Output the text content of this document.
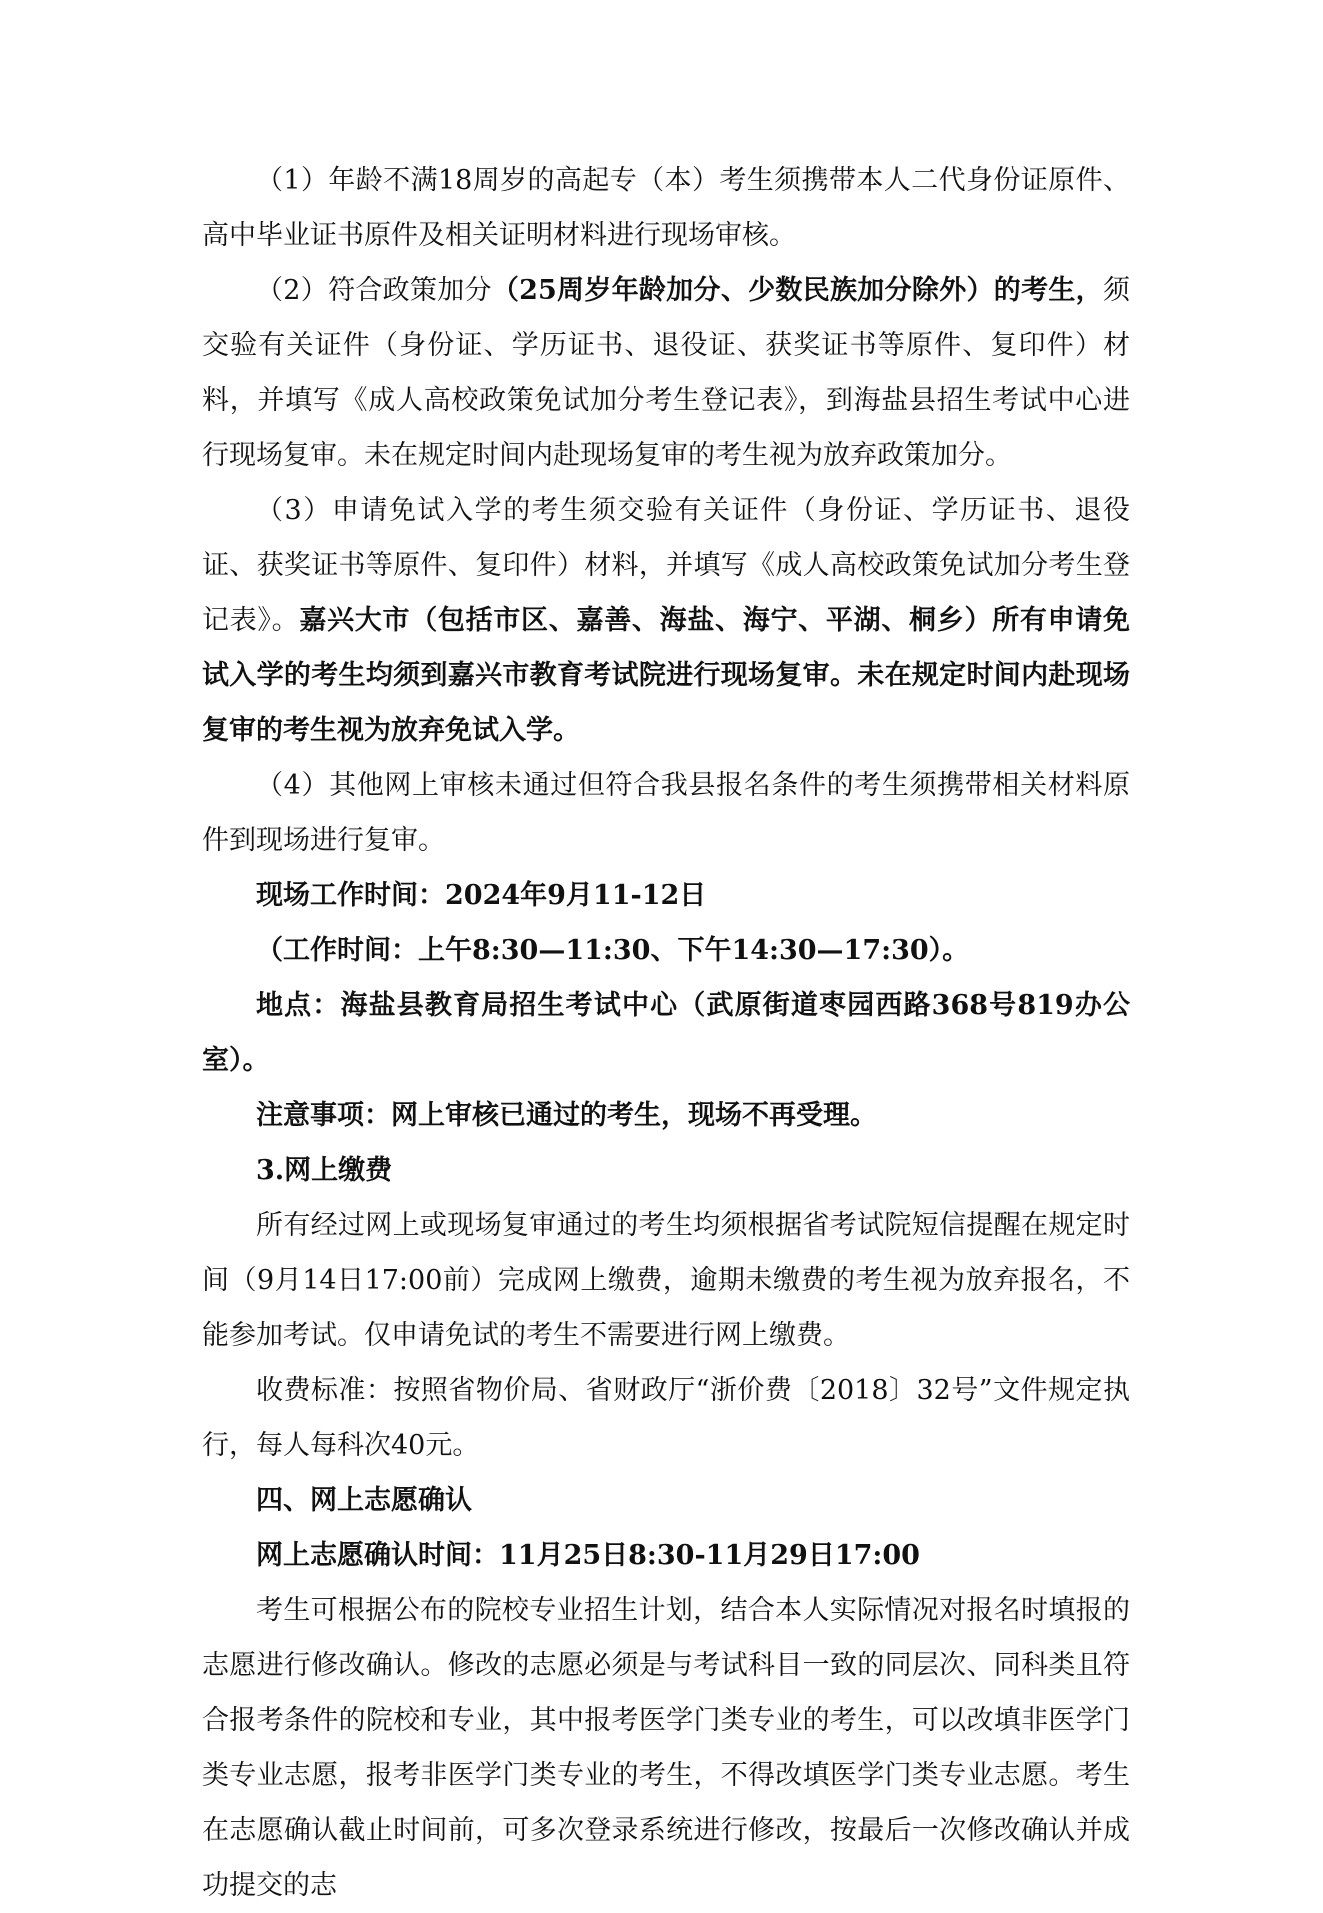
（1）年龄不满18周岁的高起专（本）考生须携带本人二代身份证原件、高中毕业证书原件及相关证明材料进行现场审核。

（2）符合政策加分（25周岁年龄加分、少数民族加分除外）的考生，须交验有关证件（身份证、学历证书、退役证、获奖证书等原件、复印件）材料，并填写《成人高校政策免试加分考生登记表》，到海盐县招生考试中心进行现场复审。未在规定时间内赴现场复审的考生视为放弃政策加分。

（3）申请免试入学的考生须交验有关证件（身份证、学历证书、退役证、获奖证书等原件、复印件）材料，并填写《成人高校政策免试加分考生登记表》。嘉兴大市（包括市区、嘉善、海盐、海宁、平湖、桐乡）所有申请免试入学的考生均须到嘉兴市教育考试院进行现场复审。未在规定时间内赴现场复审的考生视为放弃免试入学。

（4）其他网上审核未通过但符合我县报名条件的考生须携带相关材料原件到现场进行复审。

现场工作时间：2024年9月11-12日

（工作时间：上午8:30—11:30、下午14:30—17:30）。

地点：海盐县教育局招生考试中心（武原街道枣园西路368号819办公室）。

注意事项：网上审核已通过的考生，现场不再受理。

3.网上缴费

所有经过网上或现场复审通过的考生均须根据省考试院短信提醒在规定时间（9月14日17:00前）完成网上缴费，逾期未缴费的考生视为放弃报名，不能参加考试。仅申请免试的考生不需要进行网上缴费。

收费标准：按照省物价局、省财政厅“浙价费〔2018〕32号”文件规定执行，每人每科次40元。

四、网上志愿确认

网上志愿确认时间：11月25日8:30-11月29日17:00

考生可根据公布的院校专业招生计划，结合本人实际情况对报名时填报的志愿进行修改确认。修改的志愿必须是与考试科目一致的同层次、同科类且符合报考条件的院校和专业，其中报考医学门类专业的考生，可以改填非医学门类专业志愿，报考非医学门类专业的考生，不得改填医学门类专业志愿。考生在志愿确认截止时间前，可多次登录系统进行修改，按最后一次修改确认并成功提交的志
